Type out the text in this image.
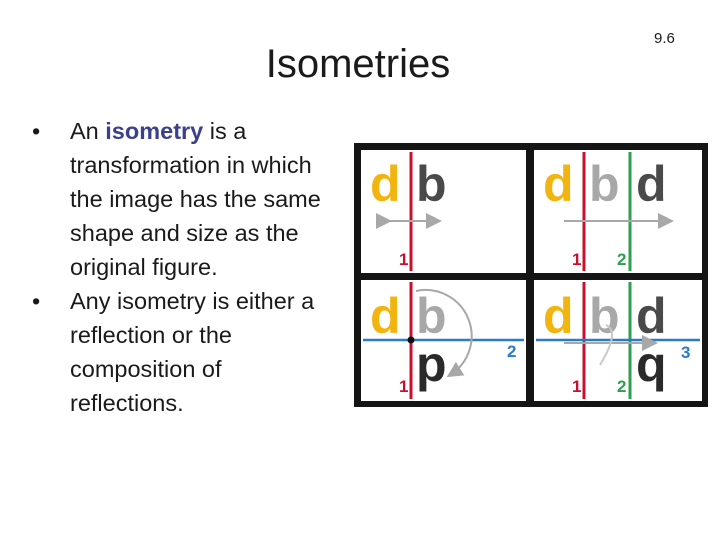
9.6
Isometries
• An isometry is a transformation in which the image has the same shape and size as the original figure.
• Any isometry is either a reflection or the composition of reflections.
d b
1
d b d
1 2
d b
p
1
2
d b d
q
1 2
3
